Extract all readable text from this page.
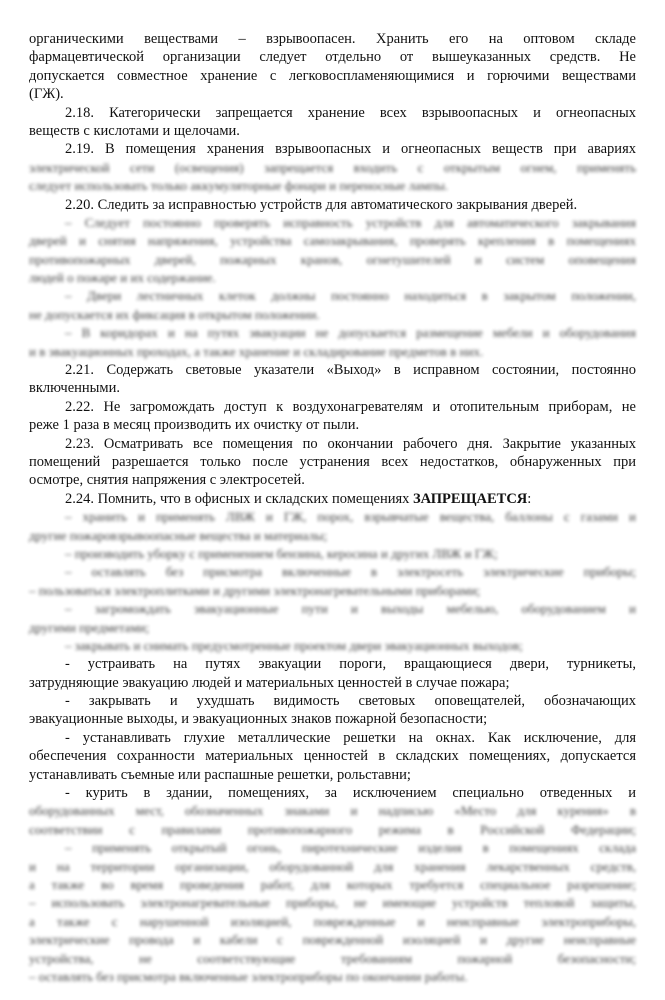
органическими веществами – взрывоопасен. Хранить его на оптовом складе
фармацевтической организации следует отдельно от вышеуказанных средств. Не
допускается совместное хранение с легковоспламеняющимися и горючими веществами
(ГЖ).
2.18. Категорически запрещается хранение всех взрывоопасных и огнеопасных
веществ с кислотами и щелочами.
2.19. В помещения хранения взрывоопасных и огнеопасных веществ при авариях
электрической сети (освещения) запрещается входить с открытым огнем, применять
следует использовать только аккумуляторные фонари и переносные лампы.
2.20. Следить за исправностью устройств для автоматического закрывания дверей.
– Следует постоянно проверять исправность устройств для автоматического закрывания
дверей и снятия напряжения, устройства самозакрывания, проверять крепления в помещениях
противопожарных дверей, пожарных кранов, огнетушителей и систем оповещения
людей о пожаре и их содержание.
– Двери лестничных клеток должны постоянно находиться в закрытом положении,
не допускается их фиксация в открытом положении.
– В коридорах и на путях эвакуации не допускается размещение мебели и оборудования
и в эвакуационных проходах, а также хранение и складирование предметов в них.
2.21. Содержать световые указатели «Выход» в исправном состоянии, постоянно
включенными.
2.22. Не загромождать доступ к воздухонагревателям и отопительным приборам, не
реже 1 раза в месяц производить их очистку от пыли.
2.23. Осматривать все помещения по окончании рабочего дня. Закрытие указанных
помещений разрешается только после устранения всех недостатков, обнаруженных при
осмотре, снятия напряжения с электросетей.
2.24. Помнить, что в офисных и складских помещениях ЗАПРЕЩАЕТСЯ:
– хранить и применять ЛВЖ и ГЖ, порох, взрывчатые вещества, баллоны с газами и
другие пожаровзрывоопасные вещества и материалы;
– производить уборку с применением бензина, керосина и других ЛВЖ и ГЖ;
– оставлять без присмотра включенные в электросеть электрические приборы;
– пользоваться электроплитками и другими электронагревательными приборами;
– загромождать эвакуационные пути и выходы мебелью, оборудованием и
другими предметами;
– закрывать и снимать предусмотренные проектом двери эвакуационных выходов;
- устраивать на путях эвакуации пороги, вращающиеся двери, турникеты,
затрудняющие эвакуацию людей и материальных ценностей в случае пожара;
- закрывать и ухудшать видимость световых оповещателей, обозначающих
эвакуационные выходы, и эвакуационных знаков пожарной безопасности;
- устанавливать глухие металлические решетки на окнах. Как исключение, для
обеспечения сохранности материальных ценностей в складских помещениях, допускается
устанавливать съемные или распашные решетки, рольставни;
- курить в здании, помещениях, за исключением специально отведенных и
оборудованных мест, обозначенных знаками и надписью «Место для курения» в
соответствии с правилами противопожарного режима в Российской Федерации;
– применять открытый огонь, пиротехнические изделия в помещениях склада
и на территории организации, оборудованной для хранения лекарственных средств,
а также во время проведения работ, для которых требуется специальное разрешение;
– использовать электронагревательные приборы, не имеющие устройств тепловой защиты,
а также с нарушенной изоляцией, поврежденные и неисправные электроприборы,
электрические провода и кабели с поврежденной изоляцией и другие неисправные
устройства, не соответствующие требованиям пожарной безопасности;
– оставлять без присмотра включенные электроприборы по окончании работы.
